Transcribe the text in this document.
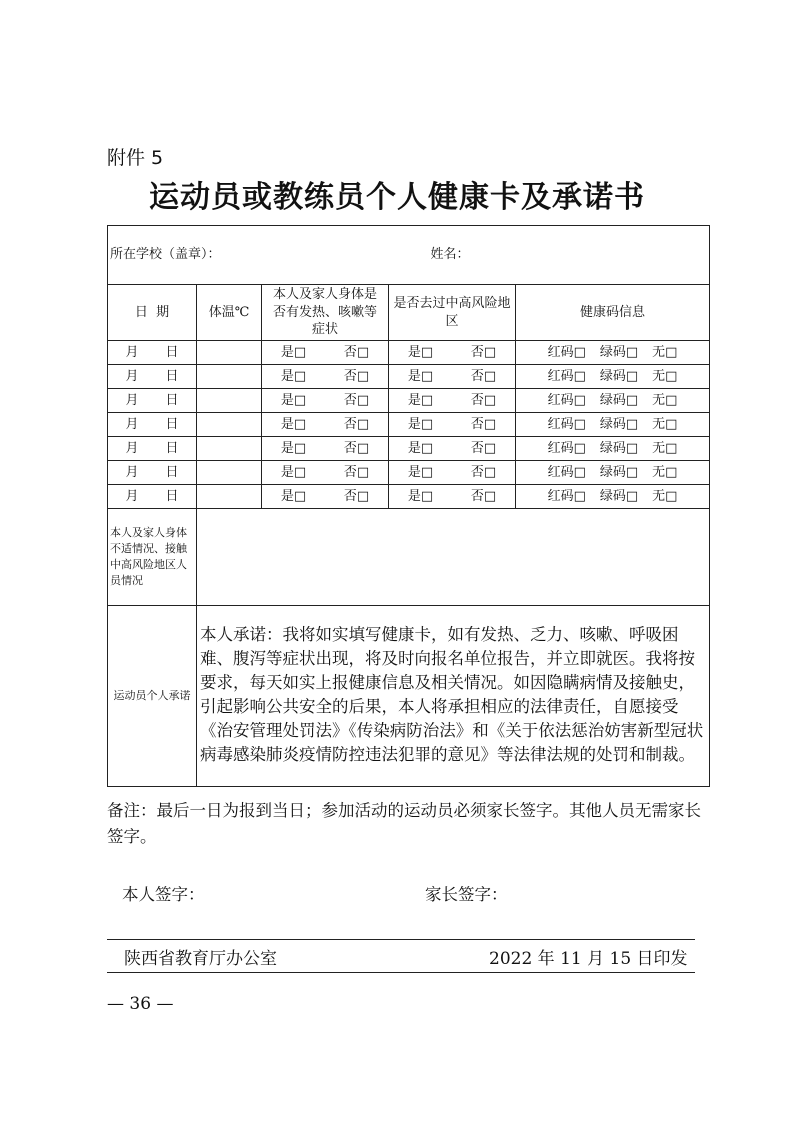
附件 5
运动员或教练员个人健康卡及承诺书
所在学校（盖章）： 姓名：				

日  期	体温℃	本人及家人身体是否有发热、咳嗽等症状	是否去过中高风险地区	健康码信息
月 日		是□ 否□	是□ 否□	红码□ 绿码□ 无□

月 日		是□ 否□	是□ 否□	红码□ 绿码□ 无□

月 日		是□ 否□	是□ 否□	红码□ 绿码□ 无□

月 日		是□ 否□	是□ 否□	红码□ 绿码□ 无□

月 日		是□ 否□	是□ 否□	红码□ 绿码□ 无□

月 日		是□ 否□	是□ 否□	红码□ 绿码□ 无□

月 日		是□ 否□	是□ 否□	红码□ 绿码□ 无□

本人及家人身体不适情况、接触中高风险地区人员情况				
运动员个人承诺	本人承诺：我将如实填写健康卡，如有发热、乏力、咳嗽、呼吸困难、腹泻等症状出现，将及时向报名单位报告，并立即就医。我将按要求，每天如实上报健康信息及相关情况。如因隐瞒病情及接触史，引起影响公共安全的后果，本人将承担相应的法律责任，自愿接受《治安管理处罚法》《传染病防治法》和《关于依法惩治妨害新型冠状病毒感染肺炎疫情防控违法犯罪的意见》等法律法规的处罚和制裁。			
备注：最后一日为报到当日；参加活动的运动员必须家长签字。其他人员无需家长签字。
本人签字：	家长签字：
陕西省教育厅办公室	2022 年 11 月 15 日印发
— 36 —
